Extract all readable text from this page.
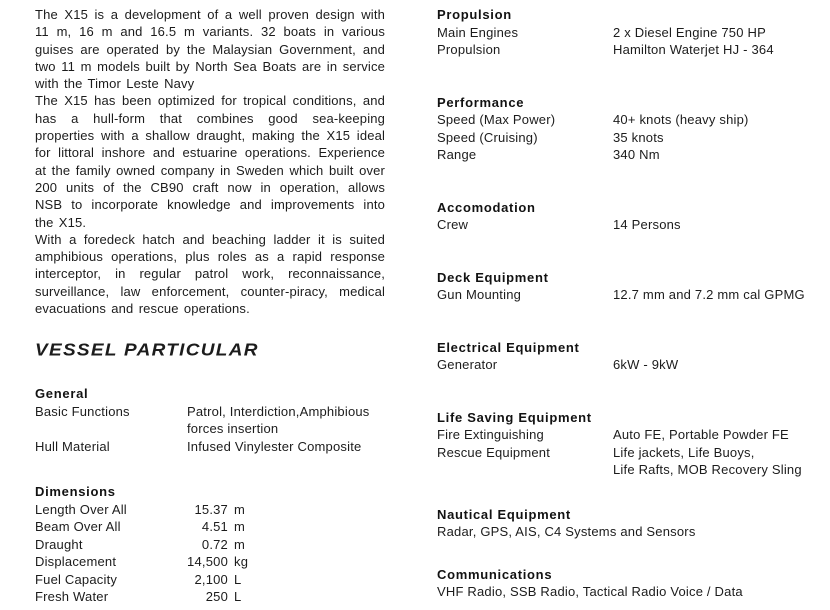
The X15 is a development of a well proven design with 11 m, 16 m and 16.5 m variants. 32 boats in various guises are operated by the Malaysian Government, and two 11 m models built by North Sea Boats are in service with the Timor Leste Navy

The X15 has been optimized for tropical conditions, and has a hull-form that combines good sea-keeping properties with a shallow draught, making the X15 ideal for littoral inshore and estuarine operations. Experience at the family owned company in Sweden which built over 200 units of the CB90 craft now in operation, allows NSB to incorporate knowledge and improvements into the X15.

With a foredeck hatch and beaching ladder it is suited amphibious operations, plus roles as a rapid response interceptor, in regular patrol work, reconnaissance, surveillance, law enforcement, counter-piracy, medical evacuations and rescue operations.

VESSEL PARTICULAR
General
Basic Functions	Patrol, Interdiction,Amphibious
forces insertion
Hull Material	Infused Vinylester Composite
Dimensions
Length Over All	15.37 m
Beam Over All	4.51 m
Draught	0.72 m
Displacement	14,500 kg
Fuel Capacity	2,100 L
Fresh Water	250 L
Propulsion
Main Engines	2 x Diesel Engine 750 HP
Propulsion	Hamilton Waterjet HJ - 364
Performance
Speed (Max Power)	40+ knots (heavy ship)
Speed (Cruising)	35 knots
Range	340 Nm
Accomodation
Crew	14 Persons
Deck Equipment
Gun Mounting	12.7 mm and 7.2 mm cal GPMG
Electrical Equipment
Generator	6kW - 9kW
Life Saving Equipment
Fire Extinguishing	Auto FE, Portable Powder FE
Rescue Equipment	Life jackets, Life Buoys,
Life Rafts, MOB Recovery Sling
Nautical Equipment

Radar, GPS, AIS, C4 Systems and Sensors

Communications

VHF Radio, SSB Radio, Tactical Radio Voice / Data
